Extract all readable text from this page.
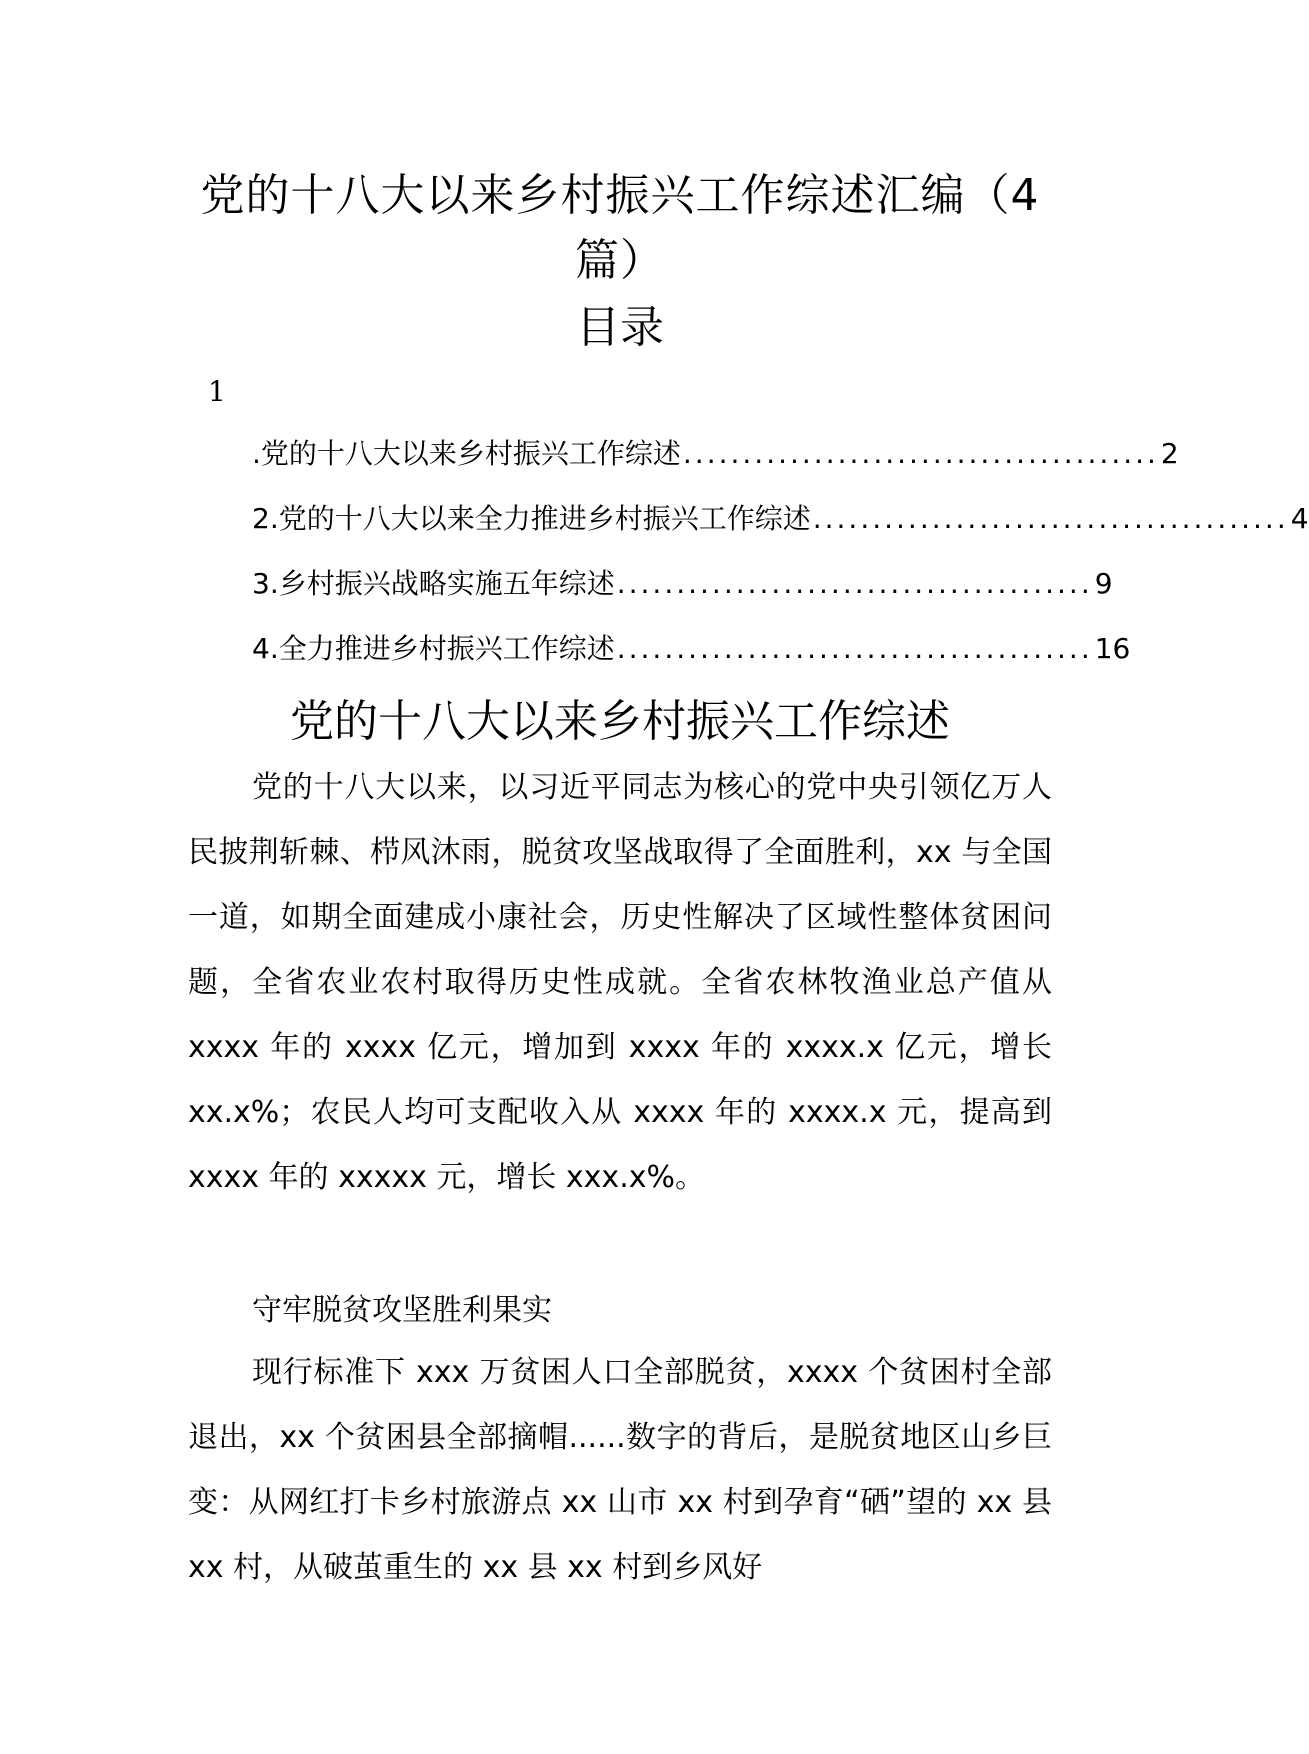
党的十八大以来乡村振兴工作综述汇编（4
篇）
目录
1
.党的十八大以来乡村振兴工作综述 ........................................ 2
2.党的十八大以来全力推进乡村振兴工作综述 ........................................ 4
3.乡村振兴战略实施五年综述 ........................................ 9
4.全力推进乡村振兴工作综述 ........................................ 16
党的十八大以来乡村振兴工作综述

党的十八大以来，以习近平同志为核心的党中央引领亿万人民披荆斩棘、栉风沐雨，脱贫攻坚战取得了全面胜利，xx 与全国一道，如期全面建成小康社会，历史性解决了区域性整体贫困问题，全省农业农村取得历史性成就。全省农林牧渔业总产值从 xxxx 年的 xxxx 亿元，增加到 xxxx 年的 xxxx.x 亿元，增长 xx.x%；农民人均可支配收入从 xxxx 年的 xxxx.x 元，提高到 xxxx 年的 xxxxx 元，增长 xxx.x%。

守牢脱贫攻坚胜利果实

现行标准下 xxx 万贫困人口全部脱贫，xxxx 个贫困村全部退出，xx 个贫困县全部摘帽......数字的背后，是脱贫地区山乡巨变：从网红打卡乡村旅游点 xx 山市 xx 村到孕育“硒”望的 xx 县 xx 村，从破茧重生的 xx 县 xx 村到乡风好
